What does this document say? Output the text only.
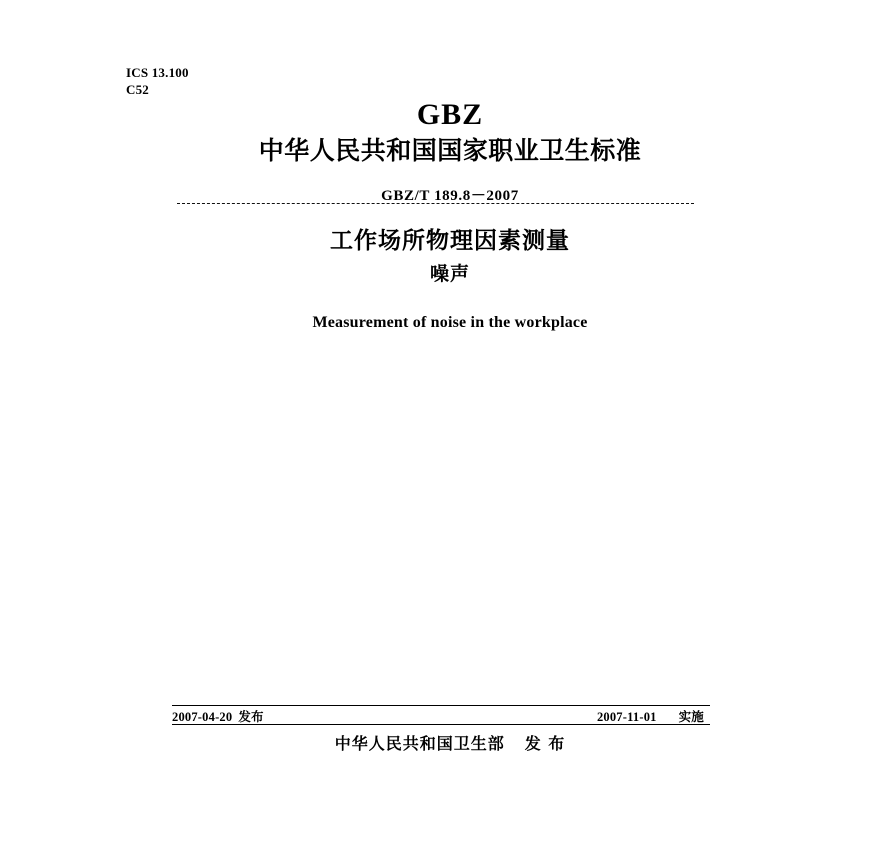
ICS 13.100
C52
GBZ
中华人民共和国国家职业卫生标准
GBZ/T 189.8－2007
工作场所物理因素测量
噪声
Measurement of noise in the workplace
2007-04-20 发布	2007-11-01 实施
中华人民共和国卫生部 发 布
